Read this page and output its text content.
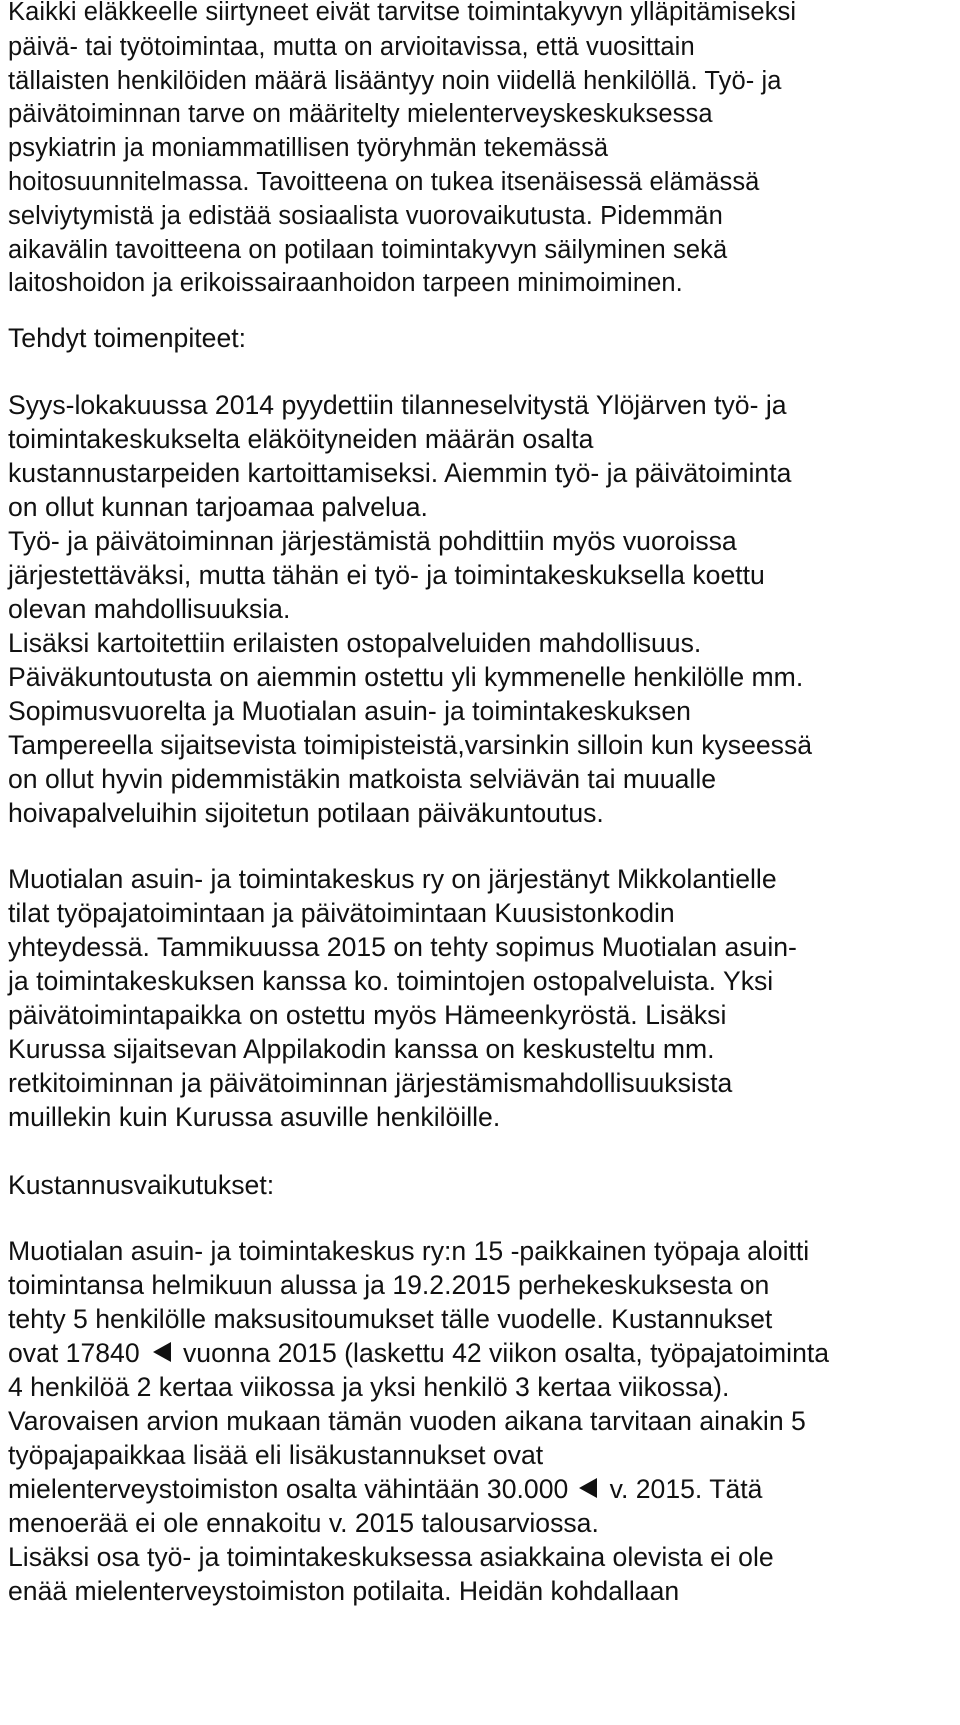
Kaikki eläkkeelle siirtyneet eivät tarvitse toimintakyvyn ylläpitämiseksi

päivä- tai työtoimintaa, mutta on arvioitavissa, että vuosittain

tällaisten henkilöiden määrä lisääntyy noin viidellä henkilöllä. Työ- ja

päivätoiminnan tarve on määritelty mielenterveyskeskuksessa

psykiatrin ja moniammatillisen työryhmän tekemässä

hoitosuunnitelmassa. Tavoitteena on tukea itsenäisessä elämässä

selviytymistä ja edistää sosiaalista vuorovaikutusta. Pidemmän

aikavälin tavoitteena on potilaan toimintakyvyn säilyminen sekä

laitoshoidon ja erikoissairaanhoidon tarpeen minimoiminen.

Tehdyt toimenpiteet:

Syys-lokakuussa 2014 pyydettiin tilanneselvitystä Ylöjärven työ- ja

toimintakeskukselta eläköityneiden määrän osalta

kustannustarpeiden kartoittamiseksi. Aiemmin työ- ja päivätoiminta

on ollut kunnan tarjoamaa palvelua.

Työ- ja päivätoiminnan järjestämistä pohdittiin myös vuoroissa

järjestettäväksi, mutta tähän ei työ- ja toimintakeskuksella koettu

olevan mahdollisuuksia.

Lisäksi kartoitettiin erilaisten ostopalveluiden mahdollisuus.

Päiväkuntoutusta on aiemmin ostettu yli kymmenelle henkilölle mm.

Sopimusvuorelta ja Muotialan asuin- ja toimintakeskuksen

Tampereella sijaitsevista toimipisteistä,varsinkin silloin kun kyseessä

on ollut hyvin pidemmistäkin matkoista selviävän tai muualle

hoivapalveluihin sijoitetun potilaan päiväkuntoutus.

Muotialan asuin- ja toimintakeskus ry on järjestänyt Mikkolantielle

tilat työpajatoimintaan ja päivätoimintaan Kuusistonkodin

yhteydessä. Tammikuussa 2015 on tehty sopimus Muotialan asuin-

ja toimintakeskuksen kanssa ko. toimintojen ostopalveluista. Yksi

päivätoimintapaikka on ostettu myös Hämeenkyröstä. Lisäksi

Kurussa sijaitsevan Alppilakodin kanssa on keskusteltu mm.

retkitoiminnan ja päivätoiminnan järjestämismahdollisuuksista

muillekin kuin Kurussa asuville henkilöille.

Kustannusvaikutukset:

Muotialan asuin- ja toimintakeskus ry:n 15 -paikkainen työpaja aloitti

toimintansa helmikuun alussa ja 19.2.2015 perhekeskuksesta on

tehty 5 henkilölle maksusitoumukset tälle vuodelle. Kustannukset

ovat 17840 vuonna 2015 (laskettu 42 viikon osalta, työpajatoiminta

4 henkilöä 2 kertaa viikossa ja yksi henkilö 3 kertaa viikossa).

Varovaisen arvion mukaan tämän vuoden aikana tarvitaan ainakin 5

työpajapaikkaa lisää eli lisäkustannukset ovat

mielenterveystoimiston osalta vähintään 30.000 v. 2015. Tätä

menoerää ei ole ennakoitu v. 2015 talousarviossa.

Lisäksi osa työ- ja toimintakeskuksessa asiakkaina olevista ei ole

enää mielenterveystoimiston potilaita. Heidän kohdallaan
